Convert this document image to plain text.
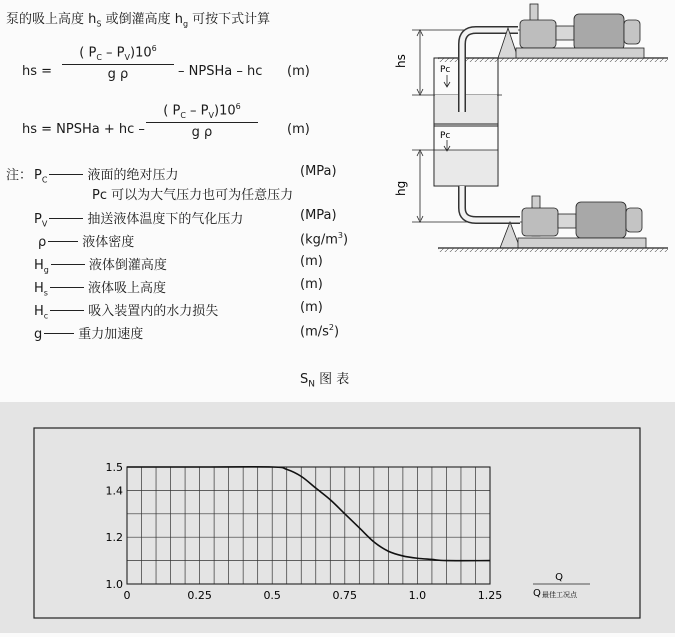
泵的吸上高度 $h_S$ 或倒灌高度 $h_g$ 可按下式计算
hs = $\frac{( P_C - P_V)10^6}{\text{g ρ}}$ – NPSHa – hc (m)
hs = NPSHa + hc – $\frac{( P_C - P_V)10^6}{\text{g ρ}} (m)$
注： $P_C$	液面的绝对压力	(MPa)
Pc 可以为大气压力也可为任意压力
$P_V$	抽送液体温度下的气化压力	(MPa)
ρ	液体密度	$(kg/m^3)$
$H_g$	液体倒灌高度	(m)
$H_s$	液体吸上高度	(m)
$H_c$	吸入装置内的水力损失	(m)
g	重力加速度	$(m/s^2)$
hs
Pc
Pc
hg
$S_N$ 图 表
0	0.25	0.5	0.75	1.0	1.25
1.0
1.2
1.4
1.5
Q
Q 最佳工况点
